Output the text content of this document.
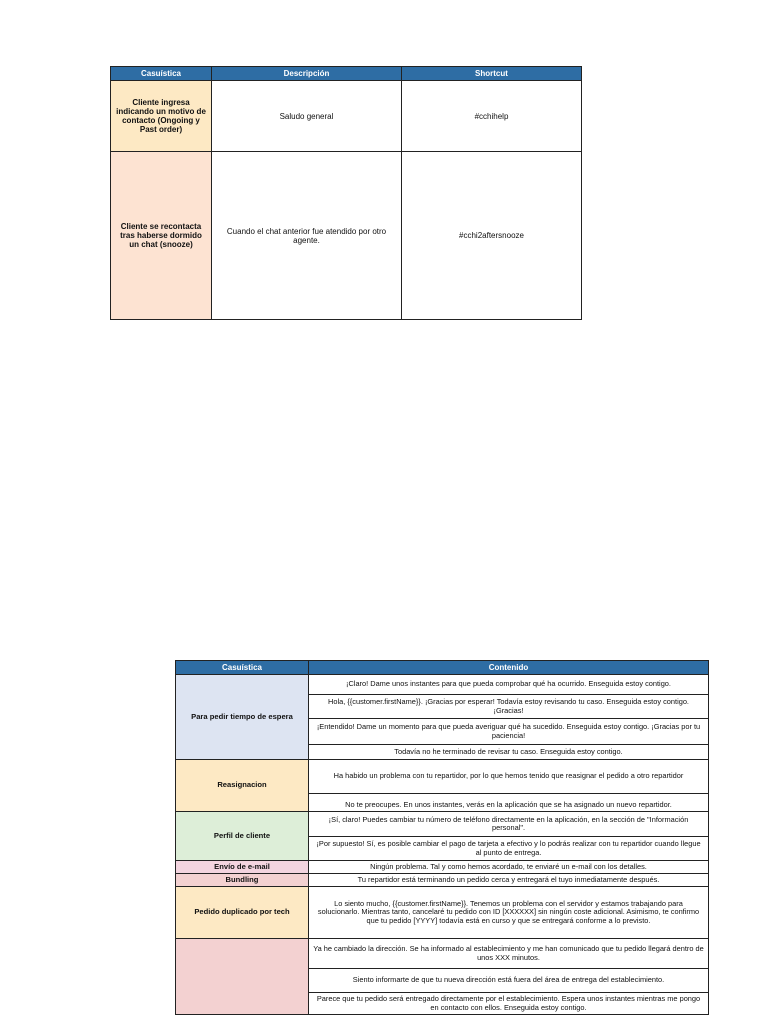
Casuística	Descripción	Shortcut
Cliente ingresa indicando un motivo de contacto (Ongoing y Past order)	Saludo general	#cchihelp
Cliente se recontacta tras haberse dormido un chat (snooze)	Cuando el chat anterior fue atendido por otro agente.	#cchi2aftersnooze
Casuística	Contenido
Para pedir tiempo de espera	¡Claro! Dame unos instantes para que pueda comprobar qué ha ocurrido. Enseguida estoy contigo.
	Hola, {{customer.firstName}}. ¡Gracias por esperar! Todavía estoy revisando tu caso. Enseguida estoy contigo. ¡Gracias!
	¡Entendido! Dame un momento para que pueda averiguar qué ha sucedido. Enseguida estoy contigo. ¡Gracias por tu paciencia!
	Todavía no he terminado de revisar tu caso. Enseguida estoy contigo.
Reasignacion	Ha habido un problema con tu repartidor, por lo que hemos tenido que reasignar el pedido a otro repartidor
	No te preocupes. En unos instantes, verás en la aplicación que se ha asignado un nuevo repartidor.
Perfil de cliente	¡Sí, claro! Puedes cambiar tu número de teléfono directamente en la aplicación, en la sección de "Información personal".
	¡Por supuesto! Sí, es posible cambiar el pago de tarjeta a efectivo y lo podrás realizar con tu repartidor cuando llegue al punto de entrega.
Envío de e-mail	Ningún problema. Tal y como hemos acordado, te enviaré un e-mail con los detalles.
Bundling	Tu repartidor está terminando un pedido cerca y entregará el tuyo inmediatamente después.
Pedido duplicado por tech	Lo siento mucho, {{customer.firstName}}. Tenemos un problema con el servidor y estamos trabajando para solucionarlo. Mientras tanto, cancelaré tu pedido con ID [XXXXXX] sin ningún coste adicional. Asimismo, te confirmo que tu pedido [YYYY] todavía está en curso y que se entregará conforme a lo previsto.
	Ya he cambiado la dirección. Se ha informado al establecimiento y me han comunicado que tu pedido llegará dentro de unos XXX minutos.
	Siento informarte de que tu nueva dirección está fuera del área de entrega del establecimiento.
	Parece que tu pedido será entregado directamente por el establecimiento. Espera unos instantes mientras me pongo en contacto con ellos. Enseguida estoy contigo.
